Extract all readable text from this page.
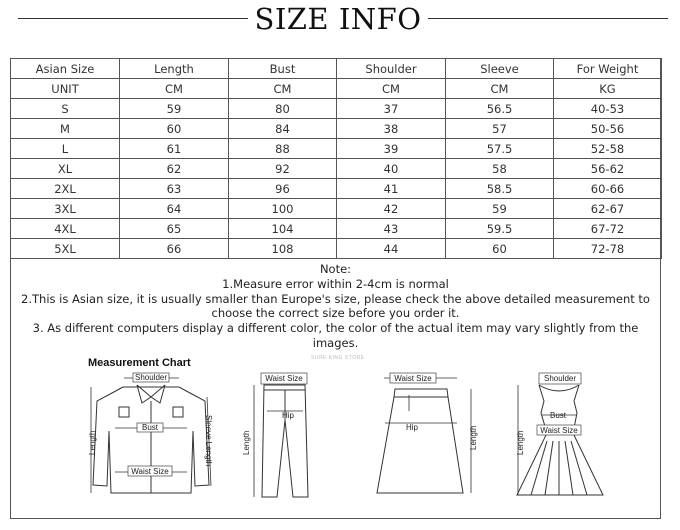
SIZE INFO
Asian Size	Length	Bust	Shoulder	Sleeve	For Weight
UNIT	CM	CM	CM	CM	KG
S	59	80	37	56.5	40-53
M	60	84	38	57	50-56
L	61	88	39	57.5	52-58
XL	62	92	40	58	56-62
2XL	63	96	41	58.5	60-66
3XL	64	100	42	59	62-67
4XL	65	104	43	59.5	67-72
5XL	66	108	44	60	72-78
Note:
1.Measure error within 2-4cm is normal
2.This is Asian size, it is usually smaller than Europe's size, please check the above detailed measurement to choose the correct size before you order it.
3. As different computers display a different color, the color of the actual item may vary slightly from the images.
Measurement Chart	SURE KING STORE
Shoulder
Bust
Waist Size
Length	Sleeve Length
Waist Size
Hip
Length
Waist Size
Hip	Length
Shoulder
Bust
Waist Size
Length
